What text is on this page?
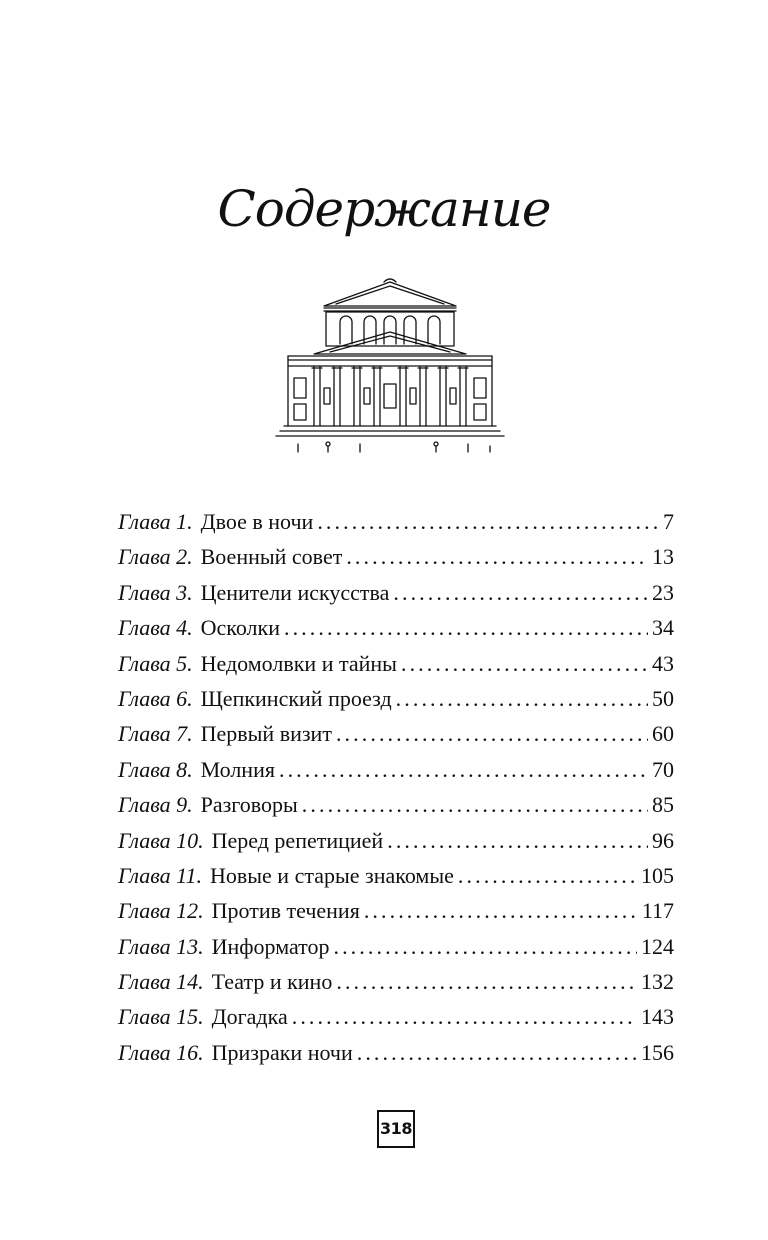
Содержание
Глава 1. Двое в ночи .....	7
Глава 2. Военный совет .....	13
Глава 3. Ценители искусства .....	23
Глава 4. Осколки .....	34
Глава 5. Недомолвки и тайны .....	43
Глава 6. Щепкинский проезд .....	50
Глава 7. Первый визит .....	60
Глава 8. Молния .....	70
Глава 9. Разговоры .....	85
Глава 10. Перед репетицией .....	96
Глава 11. Новые и старые знакомые .....	105
Глава 12. Против течения .....	117
Глава 13. Информатор .....	124
Глава 14. Театр и кино .....	132
Глава 15. Догадка .....	143
Глава 16. Призраки ночи .....	156
318
